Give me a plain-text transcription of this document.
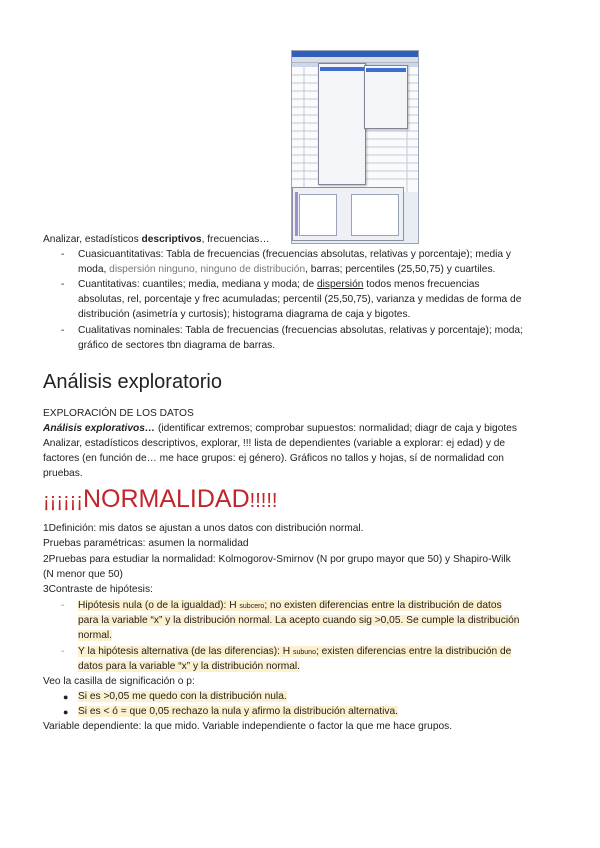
Analizar, estadísticos descriptivos, frecuencias…
- Cuasicuantitativas: Tabla de frecuencias (frecuencias absolutas, relativas y porcentaje); media y
moda, dispersión ninguno, ninguno de distribución, barras; percentiles (25,50,75) y cuartiles.
- Cuantitativas: cuantiles; media, mediana y moda; de dispersión todos menos frecuencias
absolutas, rel, porcentaje y frec acumuladas; percentil (25,50,75), varianza y medidas de forma de
distribución (asimetría y curtosis); histograma diagrama de caja y bigotes.
- Cualitativas nominales: Tabla de frecuencias (frecuencias absolutas, relativas y porcentaje); moda;
gráfico de sectores tbn diagrama de barras.
Análisis exploratorio
EXPLORACIÓN DE LOS DATOS
Análisis explorativos… (identificar extremos; comprobar supuestos: normalidad; diagr de caja y bigotes
Analizar, estadísticos descriptivos, explorar, !!! lista de dependientes (variable a explorar: ej edad) y de
factores (en función de… me hace grupos: ej género). Gráficos no tallos y hojas, sí de normalidad con
pruebas.
¡¡¡¡¡¡NORMALIDAD!!!!!
1Definición: mis datos se ajustan a unos datos con distribución normal.
Pruebas paramétricas: asumen la normalidad
2Pruebas para estudiar la normalidad: Kolmogorov-Smirnov (N por grupo mayor que 50) y Shapiro-Wilk
(N menor que 50)
3Contraste de hipótesis:
- Hipótesis nula (o de la igualdad): H subcero; no existen diferencias entre la distribución de datos
para la variable “x” y la distribución normal. La acepto cuando sig >0,05. Se cumple la distribución
normal.
- Y la hipótesis alternativa (de las diferencias): H subuno; existen diferencias entre la distribución de
datos para la variable “x” y la distribución normal.
Veo la casilla de significación o p:
● Si es >0,05 me quedo con la distribución nula.
● Si es < ó = que 0,05 rechazo la nula y afirmo la distribución alternativa.
Variable dependiente: la que mido. Variable independiente o factor la que me hace grupos.
